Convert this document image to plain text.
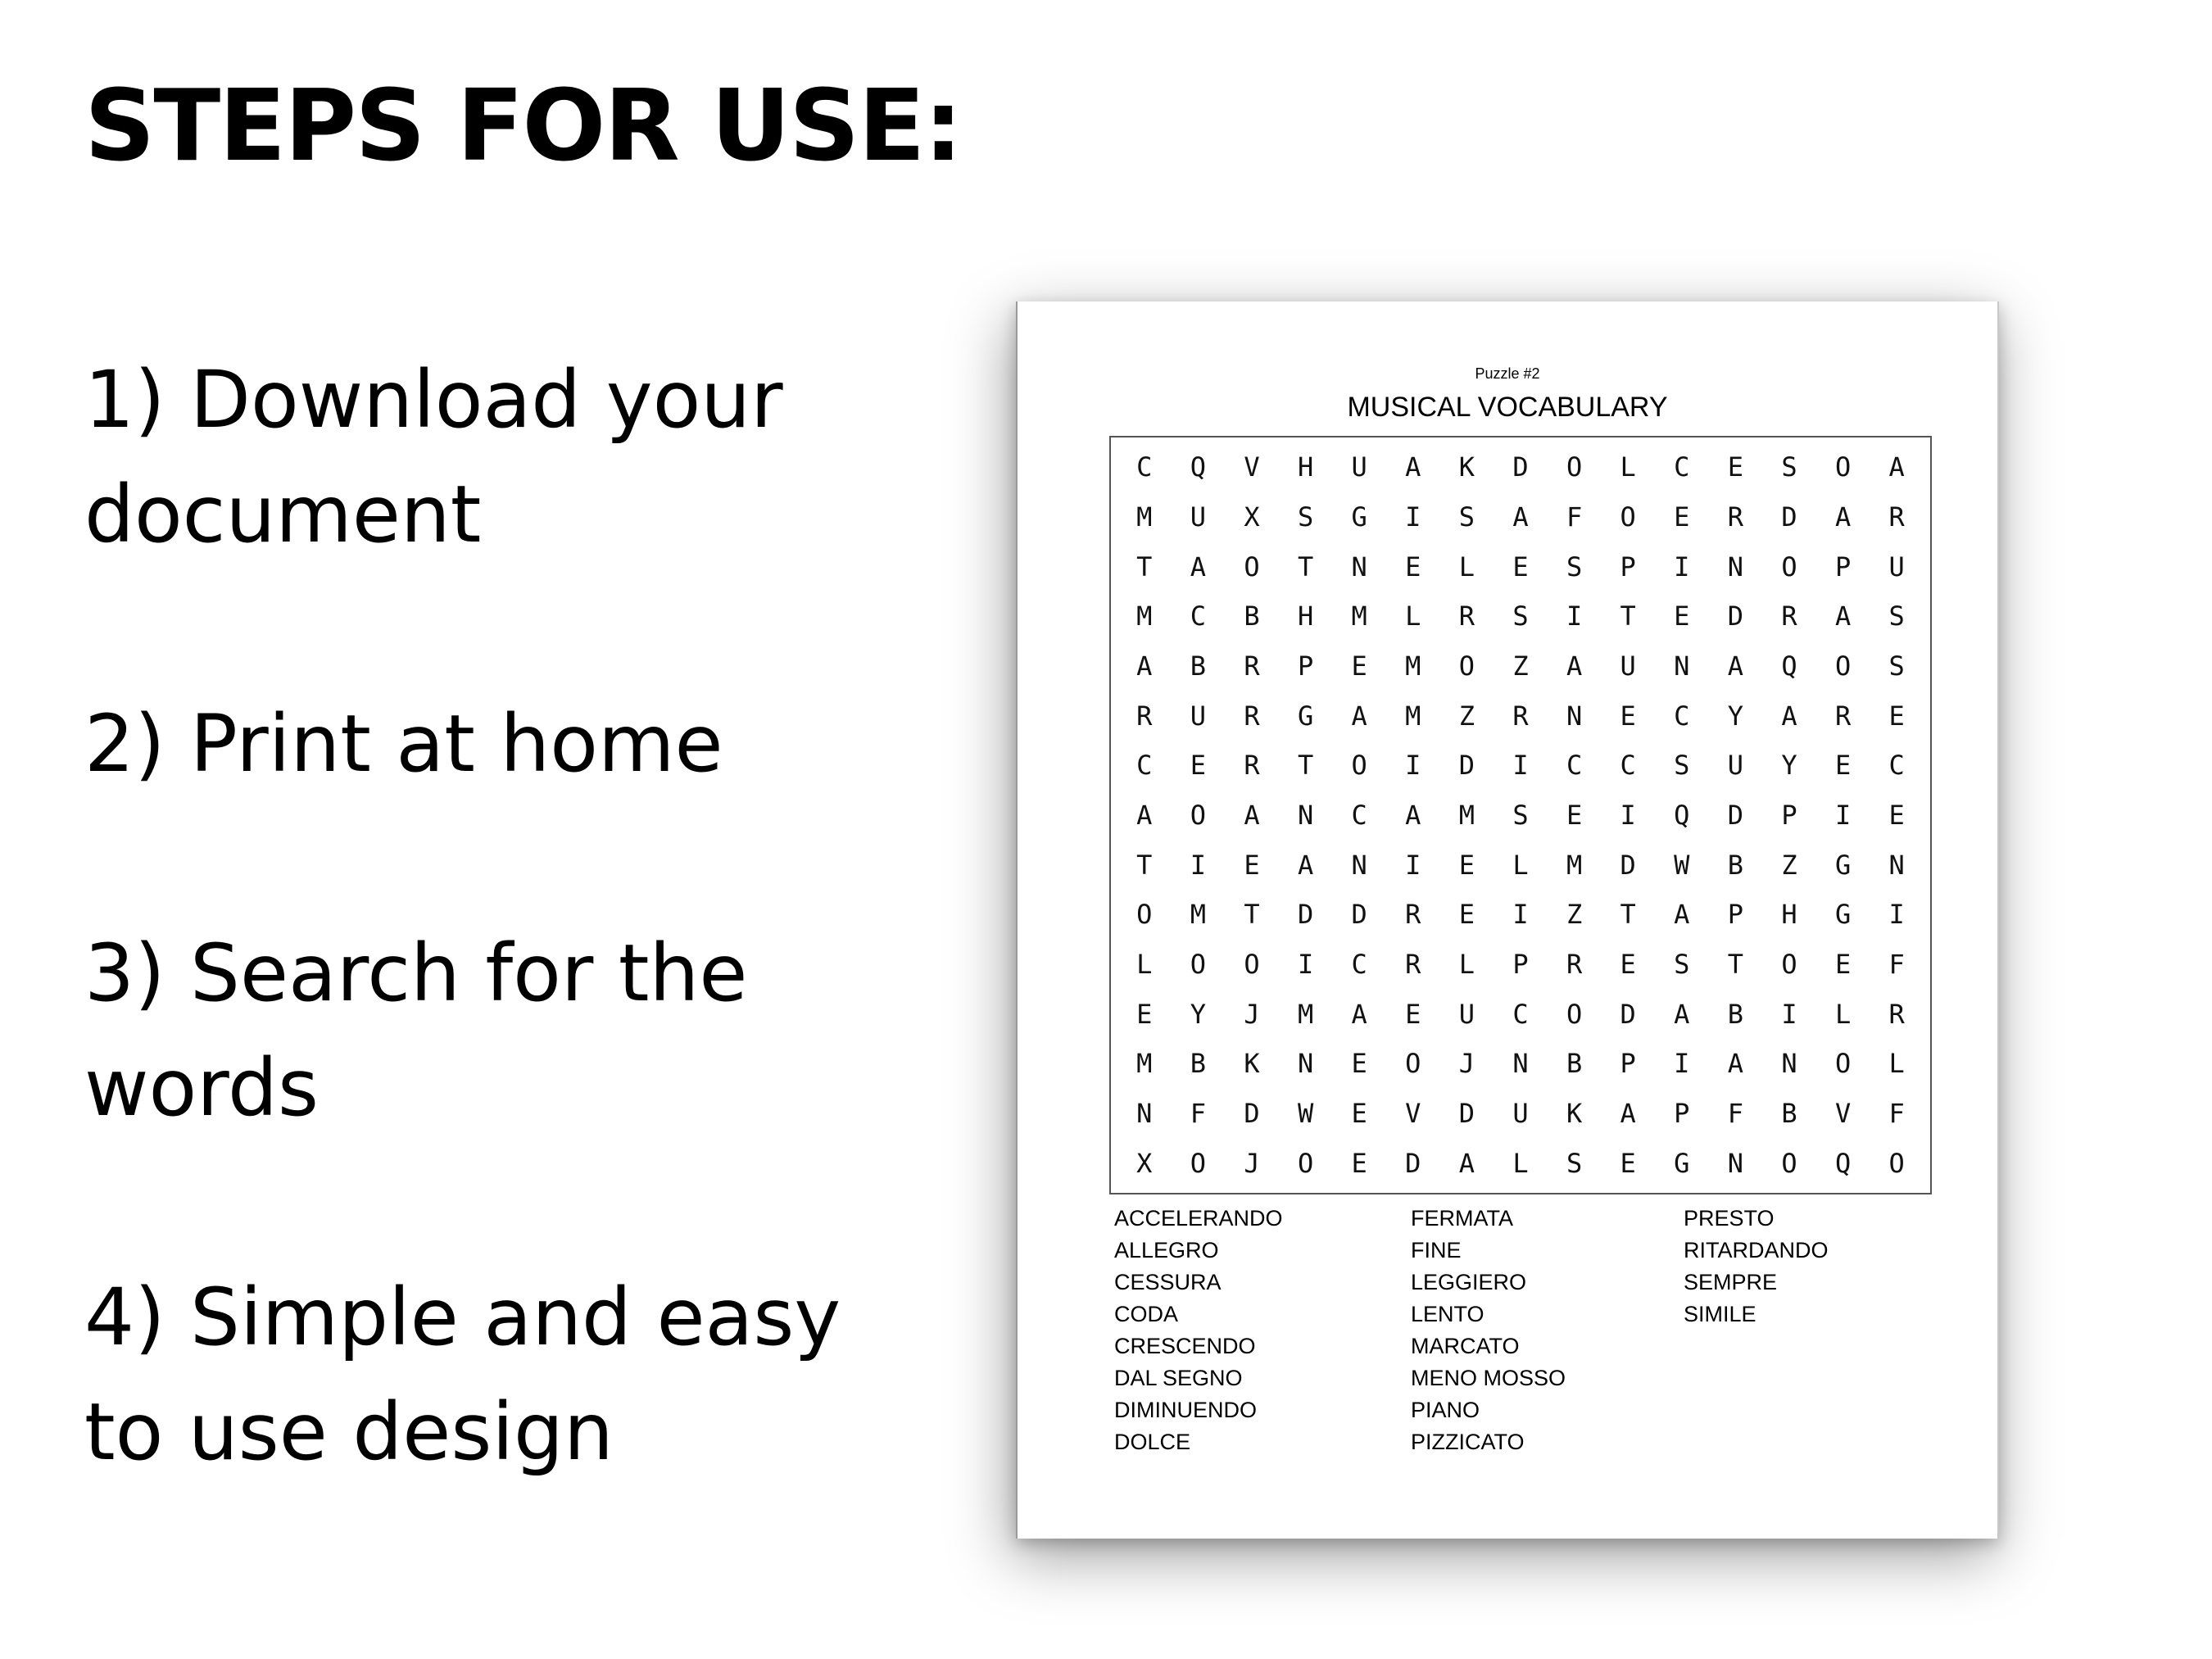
STEPS FOR USE:

1) Download your document

2) Print at home

3) Search for the words

4) Simple and easy to use design

Puzzle #2
MUSICAL VOCABULARY
C	Q	V	H	U	A	K	D	O	L	C	E	S	O	A
M	U	X	S	G	I	S	A	F	O	E	R	D	A	R
T	A	O	T	N	E	L	E	S	P	I	N	O	P	U
M	C	B	H	M	L	R	S	I	T	E	D	R	A	S
A	B	R	P	E	M	O	Z	A	U	N	A	Q	O	S
R	U	R	G	A	M	Z	R	N	E	C	Y	A	R	E
C	E	R	T	O	I	D	I	C	C	S	U	Y	E	C
A	O	A	N	C	A	M	S	E	I	Q	D	P	I	E
T	I	E	A	N	I	E	L	M	D	W	B	Z	G	N
O	M	T	D	D	R	E	I	Z	T	A	P	H	G	I
L	O	O	I	C	R	L	P	R	E	S	T	O	E	F
E	Y	J	M	A	E	U	C	O	D	A	B	I	L	R
M	B	K	N	E	O	J	N	B	P	I	A	N	O	L
N	F	D	W	E	V	D	U	K	A	P	F	B	V	F
X	O	J	O	E	D	A	L	S	E	G	N	O	Q	O
ACCELERANDO
ALLEGRO
CESSURA
CODA
CRESCENDO
DAL SEGNO
DIMINUENDO
DOLCE
FERMATA
FINE
LEGGIERO
LENTO
MARCATO
MENO MOSSO
PIANO
PIZZICATO
PRESTO
RITARDANDO
SEMPRE
SIMILE
